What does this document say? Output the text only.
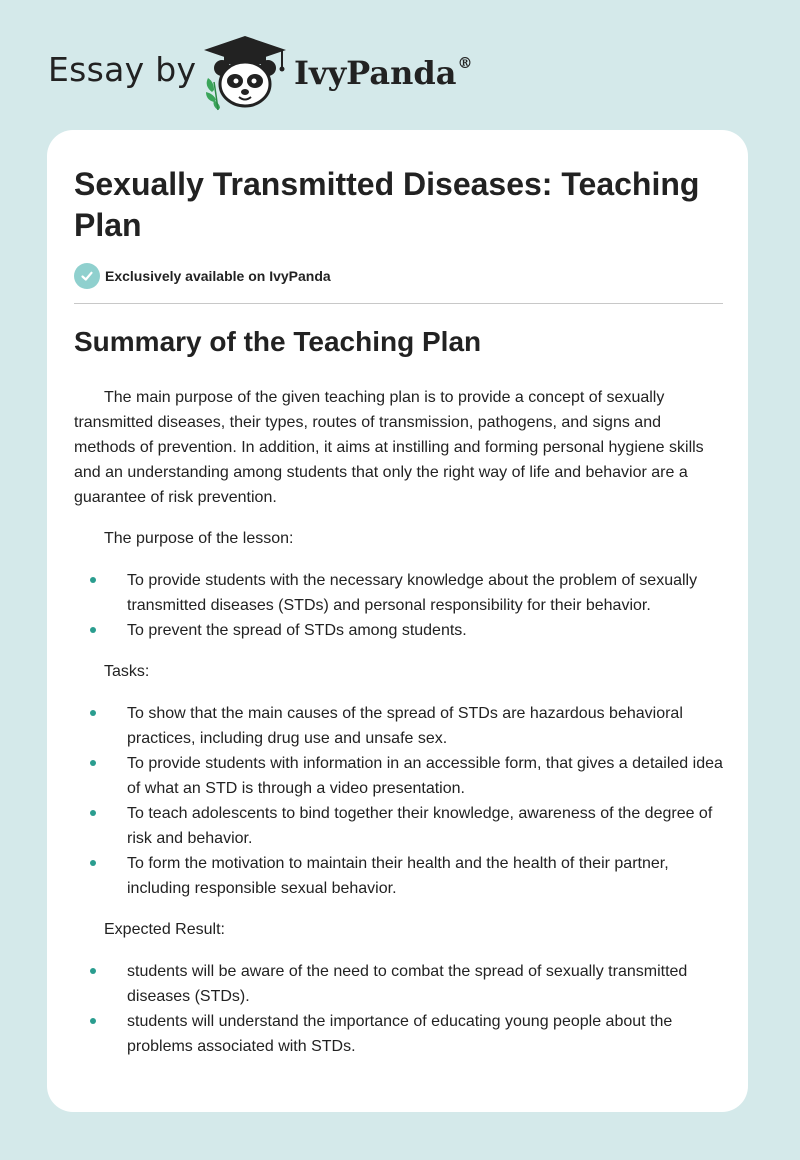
Essay by	IvyPanda®
Sexually Transmitted Diseases: Teaching Plan
Exclusively available on IvyPanda
Summary of the Teaching Plan

The main purpose of the given teaching plan is to provide a concept of sexually transmitted diseases, their types, routes of transmission, pathogens, and signs and methods of prevention. In addition, it aims at instilling and forming personal hygiene skills and an understanding among students that only the right way of life and behavior are a guarantee of risk prevention.

The purpose of the lesson:

To provide students with the necessary knowledge about the problem of sexually transmitted diseases (STDs) and personal responsibility for their behavior.
To prevent the spread of STDs among students.

Tasks:

To show that the main causes of the spread of STDs are hazardous behavioral practices, including drug use and unsafe sex.
To provide students with information in an accessible form, that gives a detailed idea of what an STD is through a video presentation.
To teach adolescents to bind together their knowledge, awareness of the degree of risk and behavior.
To form the motivation to maintain their health and the health of their partner, including responsible sexual behavior.

Expected Result:

students will be aware of the need to combat the spread of sexually transmitted diseases (STDs).
students will understand the importance of educating young people about the problems associated with STDs.
